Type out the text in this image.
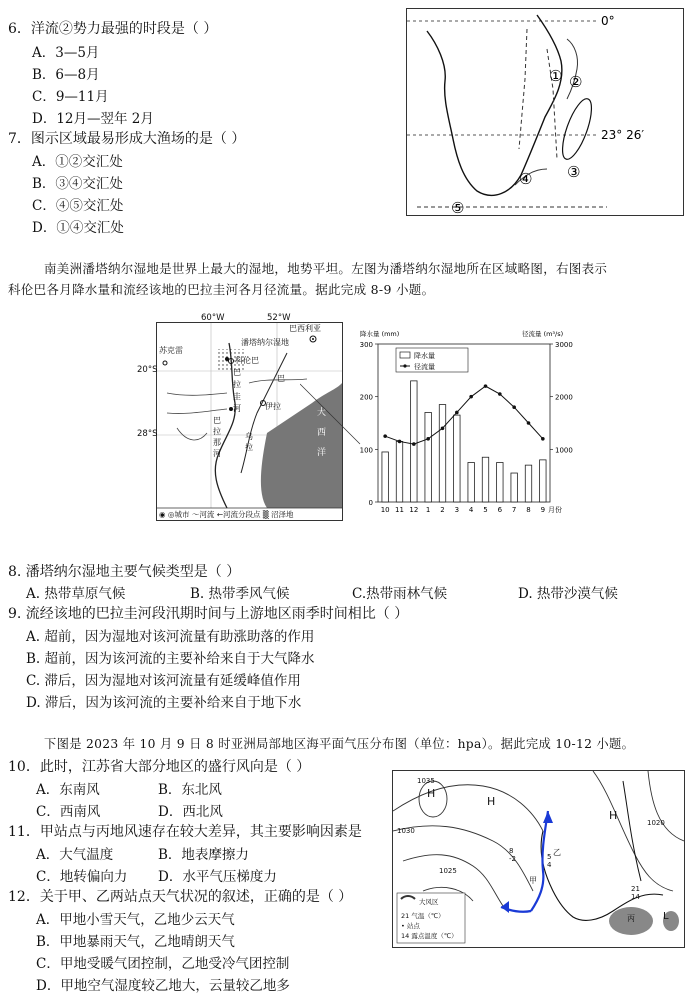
6．洋流②势力最强的时段是（ ）
A．3—5月
B．6—8月
C．9—11月
D．12月—翌年 2月
7．图示区域最易形成大渔场的是（ ）
A．①②交汇处
B．③④交汇处
C．④⑤交汇处
D．①④交汇处
0°
23° 26′
① ②
③
④
⑤
南美洲潘塔纳尔湿地是世界上最大的湿地，地势平坦。左图为潘塔纳尔湿地所在区域略图，右图表示
科伦巴各月降水量和流经该地的巴拉圭河各月径流量。据此完成 8-9 小题。
60°W	52°W
20°S
28°S
巴西利亚
苏克雷
潘塔纳尔湿地
科伦巴
巴
拉
圭
河
巴
伊拉
巴
拉
那
河
乌
拉
大
西
洋
◉ ◎城市 ～河流 ←河流分段点 ▒ 沼泽地
0
100
200
300
1000
2000
3000
降水量 (mm)	径流量 (m³/s)
10 11 12 1 2 3 4 5 6 7 8 9 月份
降水量
径流量
8. 潘塔纳尔湿地主要气候类型是（ ）
A. 热带草原气候	B. 热带季风气候	C.热带雨林气候	D. 热带沙漠气候
9. 流经该地的巴拉圭河段汛期时间与上游地区雨季时间相比（ ）
A. 超前，因为湿地对该河流量有助涨助落的作用
B. 超前，因为该河流的主要补给来自于大气降水
C. 滞后，因为湿地对该河流量有延缓峰值作用
D. 滞后，因为该河流的主要补给来自于地下水
下图是 2023 年 10 月 9 日 8 时亚洲局部地区海平面气压分布图（单位：hpa）。据此完成 10-12 小题。
10．此时，江苏省大部分地区的盛行风向是（ ）
A．东南风	B．东北风
C．西南风	D．西北风
11．甲站点与丙地风速存在较大差异，其主要影响因素是
A．大气温度	B．地表摩擦力
C．地转偏向力 D．水平气压梯度力
12．关于甲、乙两站点天气状况的叙述，正确的是（ ）
A．甲地小雪天气，乙地少云天气
B．甲地暴雨天气，乙地晴朗天气
C．甲地受暖气团控制，乙地受冷气团控制
D．甲地空气湿度较乙地大，云量较乙地多
1035
H
H
H
1030
1025
1020
L
甲
乙
丙
8
-2	5
4
21
14
大风区
21 气温（℃）
• 站点
14 露点温度（℃）
